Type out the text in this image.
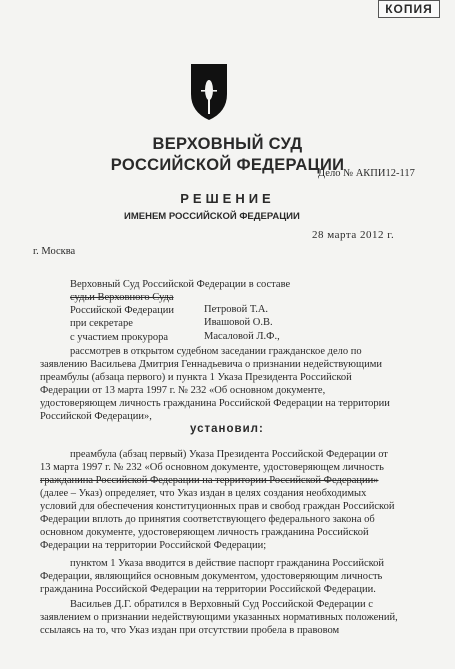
КОПИЯ
ВЕРХОВНЫЙ СУД
РОССИЙСКОЙ ФЕДЕРАЦИИ
Дело № АКПИ12-117
РЕШЕНИЕ
ИМЕНЕМ РОССИЙСКОЙ ФЕДЕРАЦИИ
28 марта 2012 г.
г. Москва
Верховный Суд Российской Федерации в составе
судьи Верховного Суда
Российской Федерации	Петровой Т.А.
при секретаре	Ивашовой О.В.
с участием прокурора	Масаловой Л.Ф.,
рассмотрев в открытом судебном заседании гражданское дело по
заявлению Васильева Дмитрия Геннадьевича о признании недействующими
преамбулы (абзаца первого) и пункта 1 Указа Президента Российской
Федерации от 13 марта 1997 г. № 232 «Об основном документе,
удостоверяющем личность гражданина Российской Федерации на территории
Российской Федерации»,
установил:
преамбула (абзац первый) Указа Президента Российской Федерации от
13 марта 1997 г. № 232 «Об основном документе, удостоверяющем личность
гражданина Российской Федерации на территории Российской Федерации»
(далее – Указ) определяет, что Указ издан в целях создания необходимых
условий для обеспечения конституционных прав и свобод граждан Российской
Федерации вплоть до принятия соответствующего федерального закона об
основном документе, удостоверяющем личность гражданина Российской
Федерации на территории Российской Федерации;
пунктом 1 Указа вводится в действие паспорт гражданина Российской
Федерации, являющийся основным документом, удостоверяющим личность
гражданина Российской Федерации на территории Российской Федерации.
Васильев Д.Г. обратился в Верховный Суд Российской Федерации с
заявлением о признании недействующими указанных нормативных положений,
ссылаясь на то, что Указ издан при отсутствии пробела в правовом
